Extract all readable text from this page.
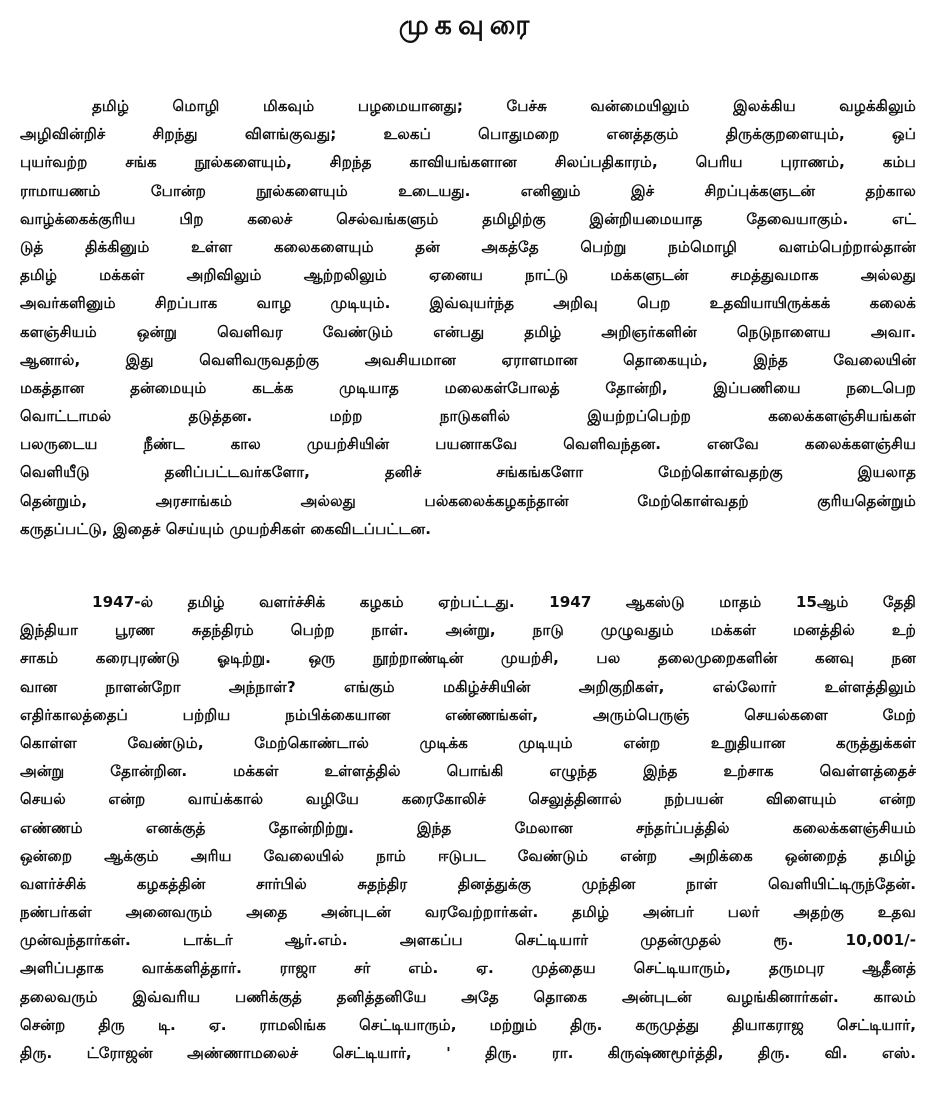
முகவுரை
தமிழ் மொழி மிகவும் பழமையானது; பேச்சு வன்மையிலும் இலக்கிய வழக்கிலும்
அழிவின்றிச் சிறந்து விளங்குவது; உலகப் பொதுமறை எனத்தகும் திருக்குறளையும், ஒப்
புயர்வற்ற சங்க நூல்களையும், சிறந்த காவியங்களான சிலப்பதிகாரம், பெரிய புராணம், கம்ப
ராமாயணம் போன்ற நூல்களையும் உடையது. எனினும் இச் சிறப்புக்களுடன் தற்கால
வாழ்க்கைக்குரிய பிற கலைச் செல்வங்களும் தமிழிற்கு இன்றியமையாத தேவையாகும். எட்
டுத் திக்கினும் உள்ள கலைகளையும் தன் அகத்தே பெற்று நம்மொழி வளம்பெற்றால்தான்
தமிழ் மக்கள் அறிவிலும் ஆற்றலிலும் ஏனைய நாட்டு மக்களுடன் சமத்துவமாக அல்லது
அவர்களினும் சிறப்பாக வாழ முடியும். இவ்வுயர்ந்த அறிவு பெற உதவியாயிருக்கக் கலைக்
களஞ்சியம் ஒன்று வெளிவர வேண்டும் என்பது தமிழ் அறிஞர்களின் நெடுநாளைய அவா.
ஆனால், இது வெளிவருவதற்கு அவசியமான ஏராளமான தொகையும், இந்த வேலையின்
மகத்தான தன்மையும் கடக்க முடியாத மலைகள்போலத் தோன்றி, இப்பணியை நடைபெற
வொட்டாமல் தடுத்தன. மற்ற நாடுகளில் இயற்றப்பெற்ற கலைக்களஞ்சியங்கள்
பலருடைய நீண்ட கால முயற்சியின் பயனாகவே வெளிவந்தன. எனவே கலைக்களஞ்சிய
வெளியீடு தனிப்பட்டவர்களோ, தனிச் சங்கங்களோ மேற்கொள்வதற்கு இயலாத
தென்றும், அரசாங்கம் அல்லது பல்கலைக்கழகந்தான் மேற்கொள்வதற் குரியதென்றும்
கருதப்பட்டு, இதைச் செய்யும் முயற்சிகள் கைவிடப்பட்டன.
1947-ல் தமிழ் வளர்ச்சிக் கழகம் ஏற்பட்டது. 1947 ஆகஸ்டு மாதம் 15ஆம் தேதி
இந்தியா பூரண சுதந்திரம் பெற்ற நாள். அன்று, நாடு முழுவதும் மக்கள் மனத்தில் உற்
சாகம் கரைபுரண்டு ஓடிற்று. ஒரு நூற்றாண்டின் முயற்சி, பல தலைமுறைகளின் கனவு நன
வான நாளன்றோ அந்நாள்? எங்கும் மகிழ்ச்சியின் அறிகுறிகள், எல்லோர் உள்ளத்திலும்
எதிர்காலத்தைப் பற்றிய நம்பிக்கையான எண்ணங்கள், அரும்பெருஞ் செயல்களை மேற்
கொள்ள வேண்டும், மேற்கொண்டால் முடிக்க முடியும் என்ற உறுதியான கருத்துக்கள்
அன்று தோன்றின. மக்கள் உள்ளத்தில் பொங்கி எழுந்த இந்த உற்சாக வெள்ளத்தைச்
செயல் என்ற வாய்க்கால் வழியே கரைகோலிச் செலுத்தினால் நற்பயன் விளையும் என்ற
எண்ணம் எனக்குத் தோன்றிற்று. இந்த மேலான சந்தர்ப்பத்தில் கலைக்களஞ்சியம்
ஒன்றை ஆக்கும் அரிய வேலையில் நாம் ஈடுபட வேண்டும் என்ற அறிக்கை ஒன்றைத் தமிழ்
வளர்ச்சிக் கழகத்தின் சார்பில் சுதந்திர தினத்துக்கு முந்தின நாள் வெளியிட்டிருந்தேன்.
நண்பர்கள் அனைவரும் அதை அன்புடன் வரவேற்றார்கள். தமிழ் அன்பர் பலர் அதற்கு உதவ
முன்வந்தார்கள். டாக்டர் ஆர்.எம். அளகப்ப செட்டியார் முதன்முதல் ரூ. 10,001/-
அளிப்பதாக வாக்களித்தார். ராஜா சர் எம். ஏ. முத்தைய செட்டியாரும், தருமபுர ஆதீனத்
தலைவரும் இவ்வரிய பணிக்குத் தனித்தனியே அதே தொகை அன்புடன் வழங்கினார்கள். காலம்
சென்ற திரு டி. ஏ. ராமலிங்க செட்டியாரும், மற்றும் திரு. கருமுத்து தியாகராஜ செட்டியார்,
திரு. ட்ரோஜன் அண்ணாமலைச் செட்டியார், ' திரு. ரா. கிருஷ்ணமூர்த்தி, திரு. வி. எஸ்.
